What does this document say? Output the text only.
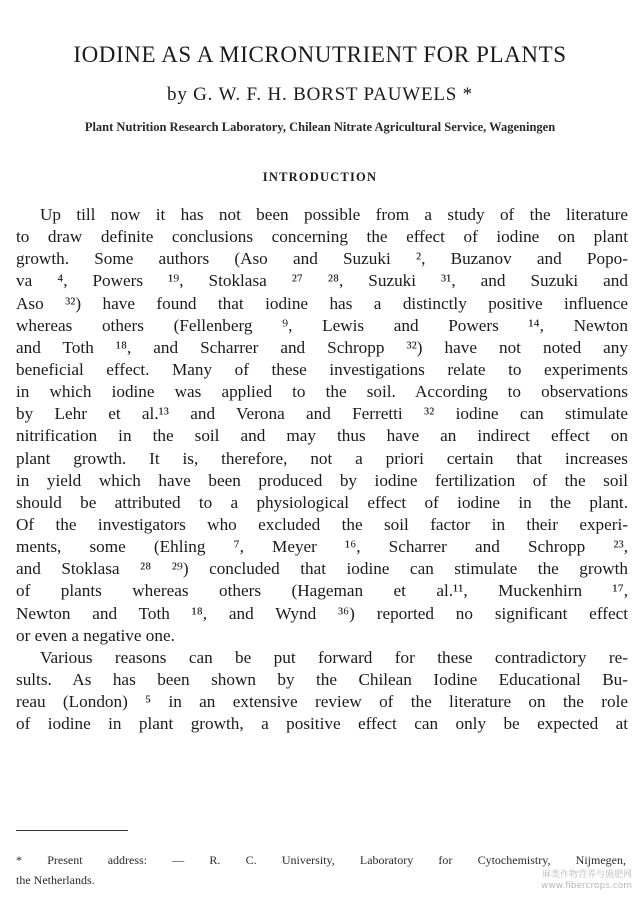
IODINE AS A MICRONUTRIENT FOR PLANTS
by G. W. F. H. BORST PAUWELS *
Plant Nutrition Research Laboratory, Chilean Nitrate Agricultural Service, Wageningen
INTRODUCTION
Up till now it has not been possible from a study of the literature
to draw definite conclusions concerning the effect of iodine on plant
growth. Some authors (Aso and Suzuki ², Buzanov and Popo-
va ⁴, Powers ¹⁹, Stoklasa ²⁷ ²⁸, Suzuki ³¹, and Suzuki and
Aso ³²) have found that iodine has a distinctly positive influence
whereas others (Fellenberg ⁹, Lewis and Powers ¹⁴, Newton
and Toth ¹⁸, and Scharrer and Schropp ³²) have not noted any
beneficial effect. Many of these investigations relate to experiments
in which iodine was applied to the soil. According to observations
by Lehr et al.¹³ and Verona and Ferretti ³² iodine can stimulate
nitrification in the soil and may thus have an indirect effect on
plant growth. It is, therefore, not a priori certain that increases
in yield which have been produced by iodine fertilization of the soil
should be attributed to a physiological effect of iodine in the plant.
Of the investigators who excluded the soil factor in their experi-
ments, some (Ehling ⁷, Meyer ¹⁶, Scharrer and Schropp ²³,
and Stoklasa ²⁸ ²⁹) concluded that iodine can stimulate the growth
of plants whereas others (Hageman et al.¹¹, Muckenhirn ¹⁷,
Newton and Toth ¹⁸, and Wynd ³⁶) reported no significant effect
or even a negative one.
Various reasons can be put forward for these contradictory re-
sults. As has been shown by the Chilean Iodine Educational Bu-
reau (London) ⁵ in an extensive review of the literature on the role
of iodine in plant growth, a positive effect can only be expected at
* Present address: — R. C. University, Laboratory for Cytochemistry, Nijmegen,
the Netherlands.	麻类作物营养与施肥网
www.fibercrops.com
